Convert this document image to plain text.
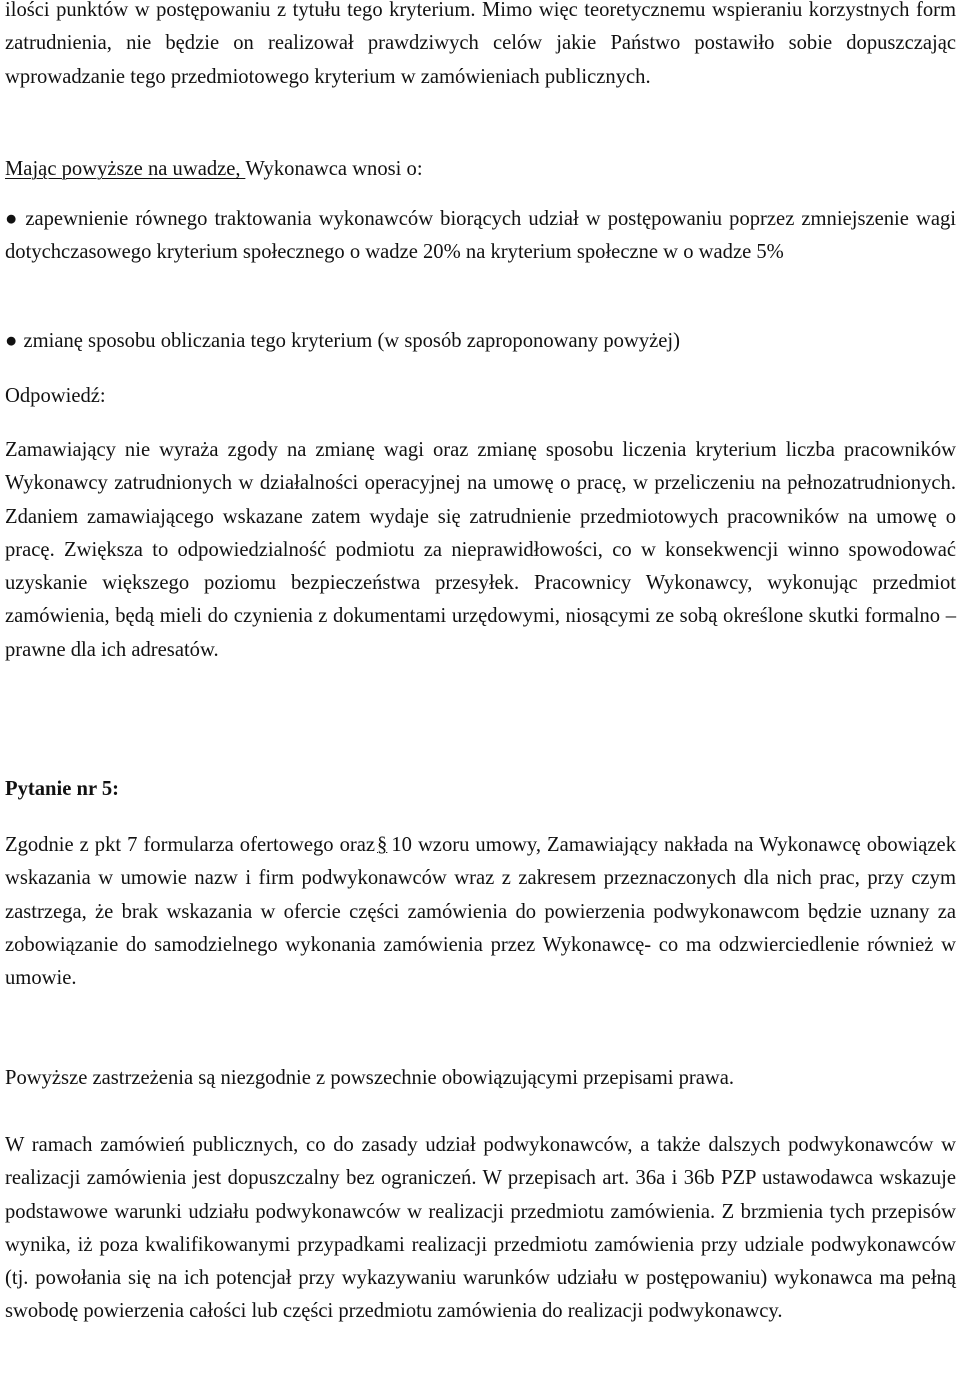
ilości punktów w postępowaniu z tytułu tego kryterium. Mimo więc teoretycznemu wspieraniu korzystnych form zatrudnienia, nie będzie on realizował prawdziwych celów jakie Państwo postawiło sobie dopuszczając wprowadzanie tego przedmiotowego kryterium w zamówieniach publicznych.

Mając powyższe na uwadze, Wykonawca wnosi o:

● zapewnienie równego traktowania wykonawców biorących udział w postępowaniu poprzez zmniejszenie wagi dotychczasowego kryterium społecznego o wadze 20% na kryterium społeczne w o wadze 5%

● zmianę sposobu obliczania tego kryterium (w sposób zaproponowany powyżej)

Odpowiedź:

Zamawiający nie wyraża zgody na zmianę wagi oraz zmianę sposobu liczenia kryterium liczba pracowników Wykonawcy zatrudnionych w działalności operacyjnej na umowę o pracę, w przeliczeniu na pełnozatrudnionych. Zdaniem zamawiającego wskazane zatem wydaje się zatrudnienie przedmiotowych pracowników na umowę o pracę. Zwiększa to odpowiedzialność podmiotu za nieprawidłowości, co w konsekwencji winno spowodować uzyskanie większego poziomu bezpieczeństwa przesyłek. Pracownicy Wykonawcy, wykonując przedmiot zamówienia, będą mieli do czynienia z dokumentami urzędowymi, niosącymi ze sobą określone skutki formalno – prawne dla ich adresatów.

Pytanie nr 5:

Zgodnie z pkt 7 formularza ofertowego oraz§ 10 wzoru umowy, Zamawiający nakłada na Wykonawcę obowiązek wskazania w umowie nazw i firm podwykonawców wraz z zakresem przeznaczonych dla nich prac, przy czym zastrzega, że brak wskazania w ofercie części zamówienia do powierzenia podwykonawcom będzie uznany za zobowiązanie do samodzielnego wykonania zamówienia przez Wykonawcę- co ma odzwierciedlenie również w umowie.

Powyższe zastrzeżenia są niezgodnie z powszechnie obowiązującymi przepisami prawa.

W ramach zamówień publicznych, co do zasady udział podwykonawców, a także dalszych podwykonawców w realizacji zamówienia jest dopuszczalny bez ograniczeń. W przepisach art. 36a i 36b PZP ustawodawca wskazuje podstawowe warunki udziału podwykonawców w realizacji przedmiotu zamówienia. Z brzmienia tych przepisów wynika, iż poza kwalifikowanymi przypadkami realizacji przedmiotu zamówienia przy udziale podwykonawców (tj. powołania się na ich potencjał przy wykazywaniu warunków udziału w postępowaniu) wykonawca ma pełną swobodę powierzenia całości lub części przedmiotu zamówienia do realizacji podwykonawcy.
